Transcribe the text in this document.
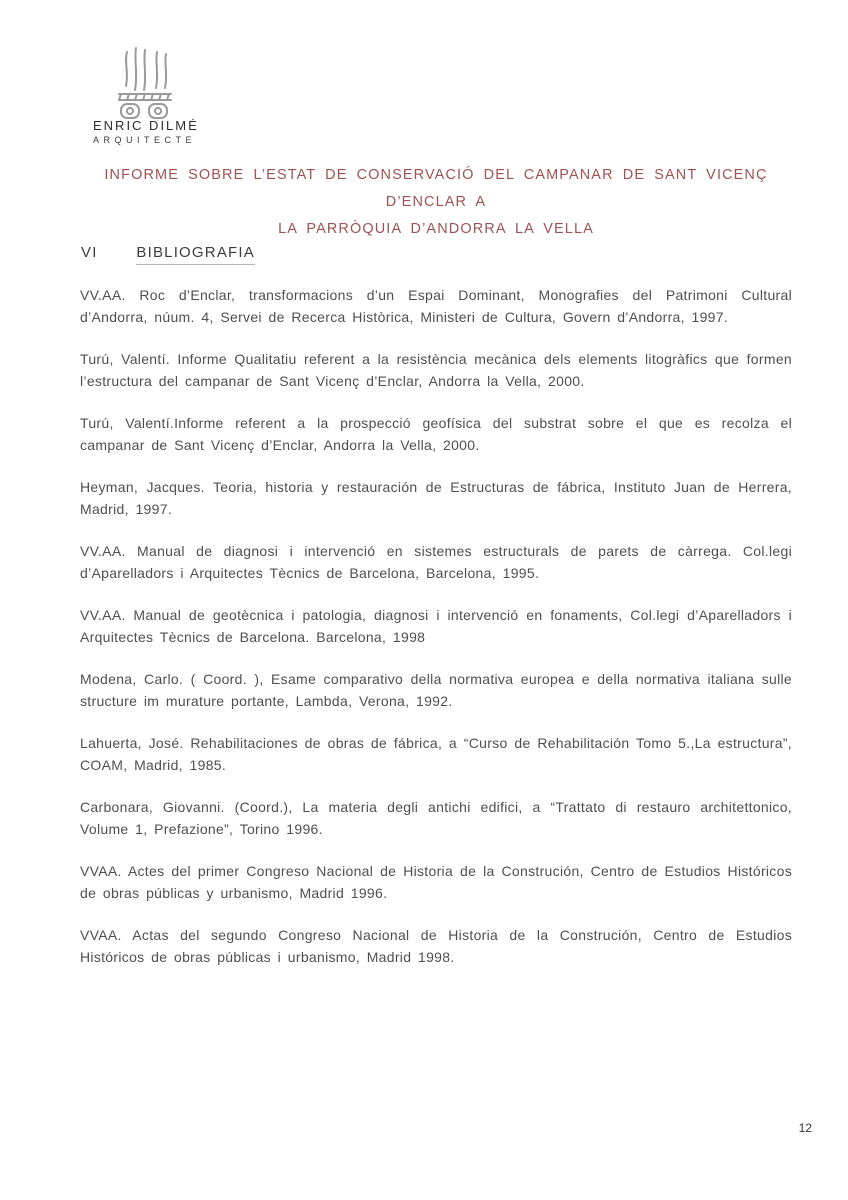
ENRIC DILMÉ
ARQUITECTE
INFORME SOBRE L’ESTAT DE CONSERVACIÓ DEL CAMPANAR DE SANT VICENÇ D’ENCLAR A
LA PARRÒQUIA D’ANDORRA LA VELLA
VI	BIBLIOGRAFIA
VV.AA. Roc d’Enclar, transformacions d’un Espai Dominant, Monografies del Patrimoni Cultural d’Andorra, núum. 4, Servei de Recerca Històrica, Ministeri de Cultura, Govern d’Andorra, 1997.
Turú, Valentí. Informe Qualitatiu referent a la resistència mecànica dels elements litogràfics que formen l’estructura del campanar de Sant Vicenç d’Enclar, Andorra la Vella, 2000.
Turú, Valentí.Informe referent a la prospecció geofísica del substrat sobre el que es recolza el campanar de Sant Vicenç d’Enclar, Andorra la Vella, 2000.
Heyman, Jacques. Teoria, historia y restauración de Estructuras de fábrica, Instituto Juan de Herrera, Madrid, 1997.
VV.AA. Manual de diagnosi i intervenció en sistemes estructurals de parets de càrrega. Col.legi d’Aparelladors i Arquitectes Tècnics de Barcelona, Barcelona, 1995.
VV.AA. Manual de geotècnica i patologia, diagnosi i intervenció en fonaments, Col.legi d’Aparelladors i Arquitectes Tècnics de Barcelona. Barcelona, 1998
Modena, Carlo. ( Coord. ), Esame comparativo della normativa europea e della normativa italiana sulle structure im murature portante, Lambda, Verona, 1992.
Lahuerta, José. Rehabilitaciones de obras de fábrica, a “Curso de Rehabilitación Tomo 5.,La estructura”, COAM, Madrid, 1985.
Carbonara, Giovanni. (Coord.), La materia degli antichi edifici, a “Trattato di restauro architettonico, Volume 1, Prefazione”, Torino 1996.
VVAA. Actes del primer Congreso Nacional de Historia de la Construción, Centro de Estudios Históricos de obras públicas y urbanismo, Madrid 1996.
VVAA. Actas del segundo Congreso Nacional de Historia de la Construción, Centro de Estudios Históricos de obras públicas i urbanismo, Madrid 1998.
12
